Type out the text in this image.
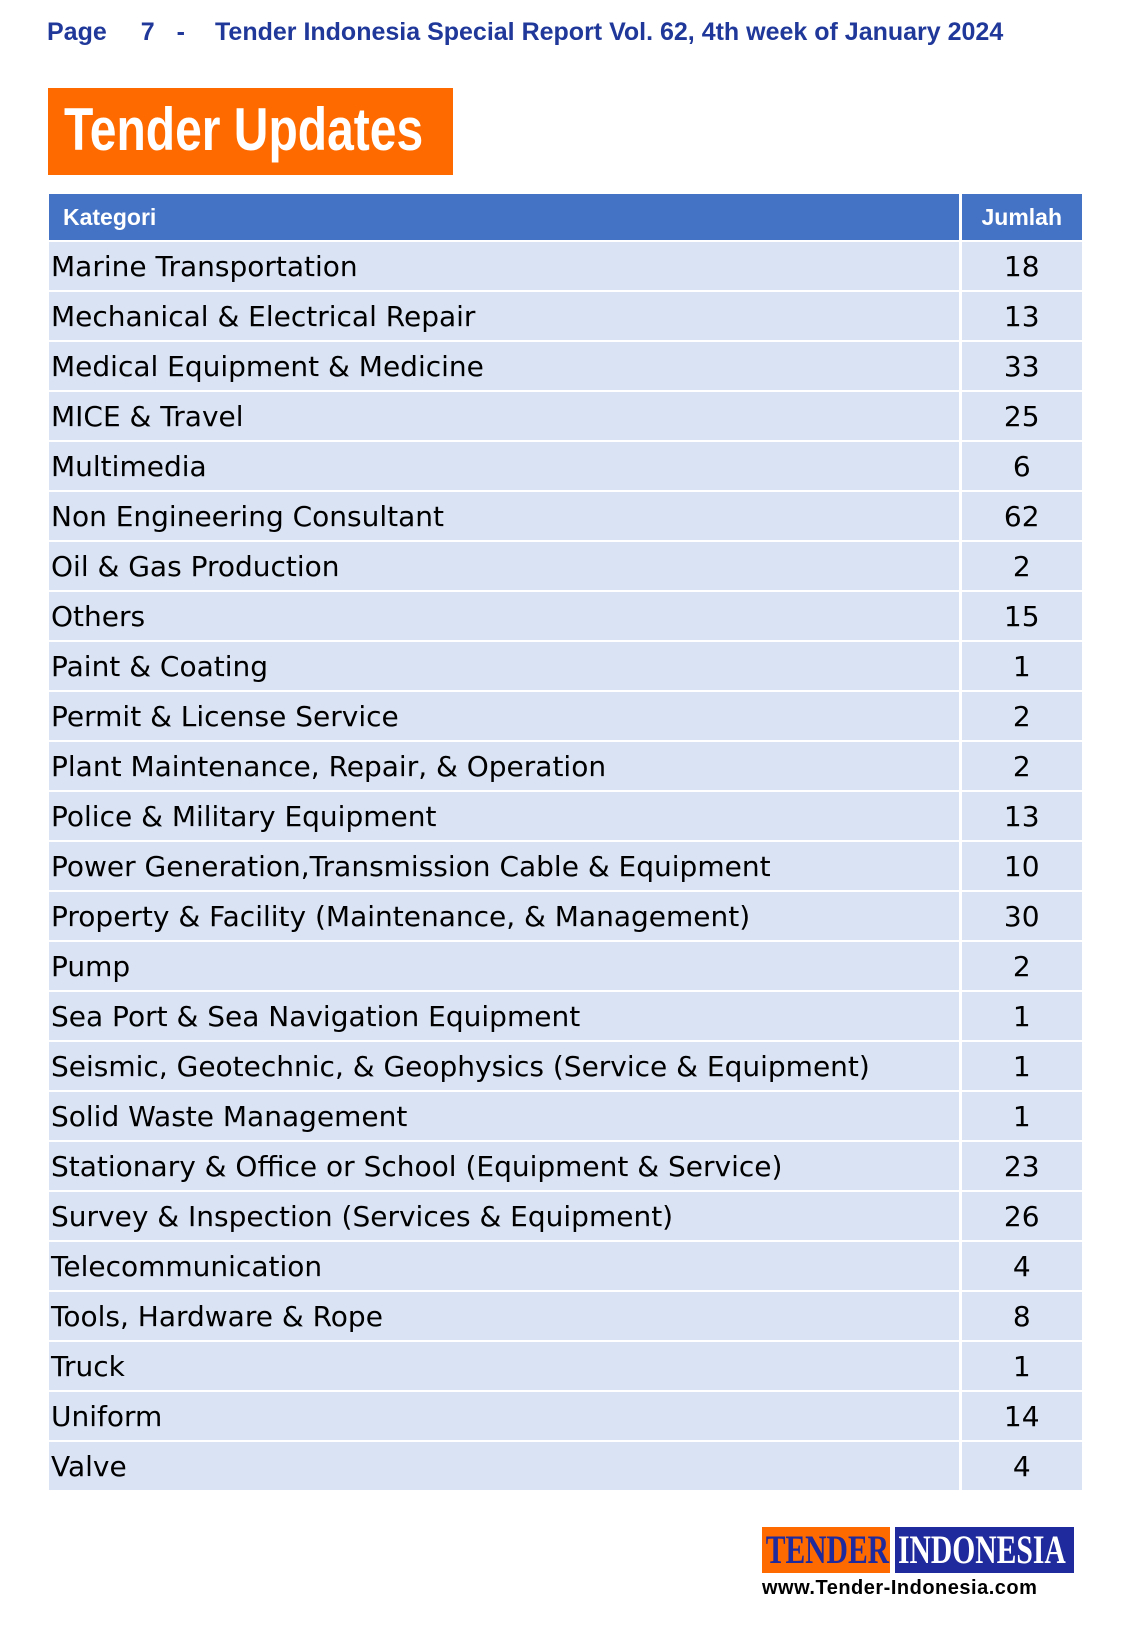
Page 7 - Tender Indonesia Special Report Vol. 62, 4th week of January 2024
Tender Updates
Kategori	Jumlah
Marine Transportation	18
Mechanical & Electrical Repair	13
Medical Equipment & Medicine	33
MICE & Travel	25
Multimedia	6
Non Engineering Consultant	62
Oil & Gas Production	2
Others	15
Paint & Coating	1
Permit & License Service	2
Plant Maintenance, Repair, & Operation	2
Police & Military Equipment	13
Power Generation,Transmission Cable & Equipment	10
Property & Facility (Maintenance, & Management)	30
Pump	2
Sea Port & Sea Navigation Equipment	1
Seismic, Geotechnic, & Geophysics (Service & Equipment)	1
Solid Waste Management	1
Stationary & Office or School (Equipment & Service)	23
Survey & Inspection (Services & Equipment)	26
Telecommunication	4
Tools, Hardware & Rope	8
Truck	1
Uniform	14
Valve	4
TENDER INDONESIA
www.Tender-Indonesia.com
